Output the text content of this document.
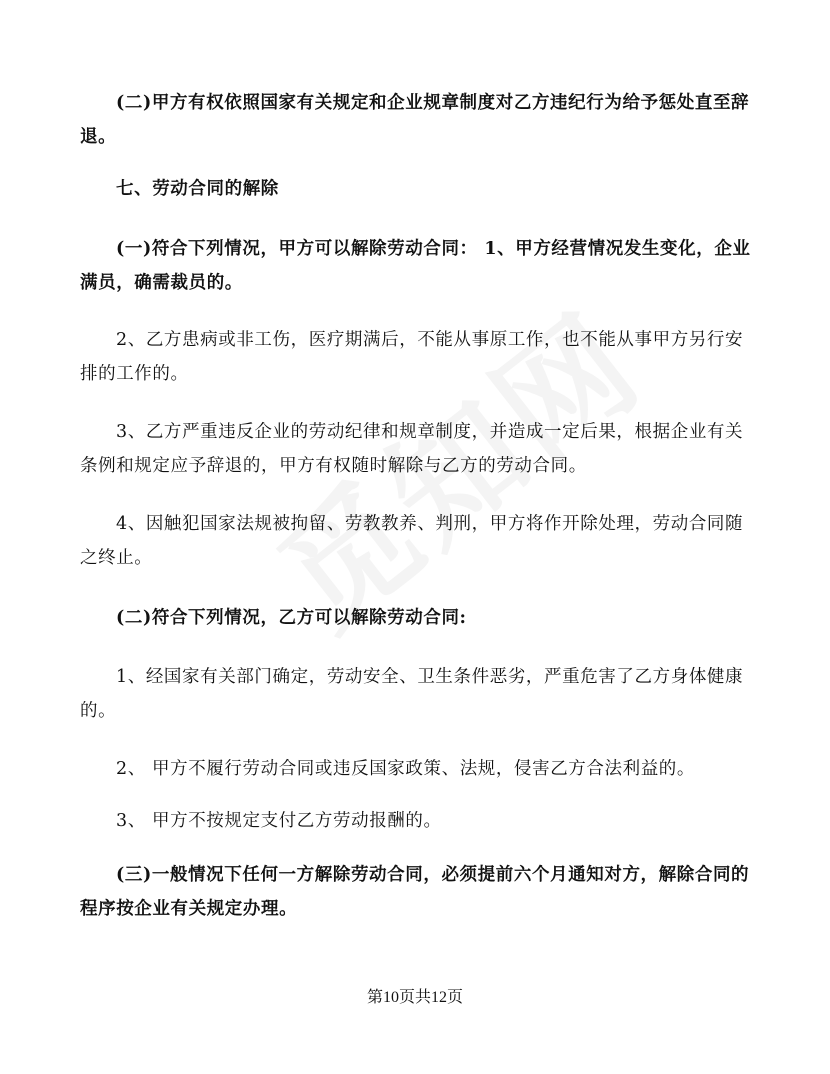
(二)甲方有权依照国家有关规定和企业规章制度对乙方违纪行为给予惩处直至辞退。

七、劳动合同的解除

(一)符合下列情况，甲方可以解除劳动合同： 1、甲方经营情况发生变化，企业满员，确需裁员的。

2、乙方患病或非工伤，医疗期满后，不能从事原工作，也不能从事甲方另行安排的工作的。

3、乙方严重违反企业的劳动纪律和规章制度，并造成一定后果，根据企业有关条例和规定应予辞退的，甲方有权随时解除与乙方的劳动合同。

4、因触犯国家法规被拘留、劳教教养、判刑，甲方将作开除处理，劳动合同随之终止。

(二)符合下列情况，乙方可以解除劳动合同:

1、经国家有关部门确定，劳动安全、卫生条件恶劣，严重危害了乙方身体健康的。

2、 甲方不履行劳动合同或违反国家政策、法规，侵害乙方合法利益的。

3、 甲方不按规定支付乙方劳动报酬的。

(三)一般情况下任何一方解除劳动合同，必须提前六个月通知对方，解除合同的程序按企业有关规定办理。

第10页共12页
